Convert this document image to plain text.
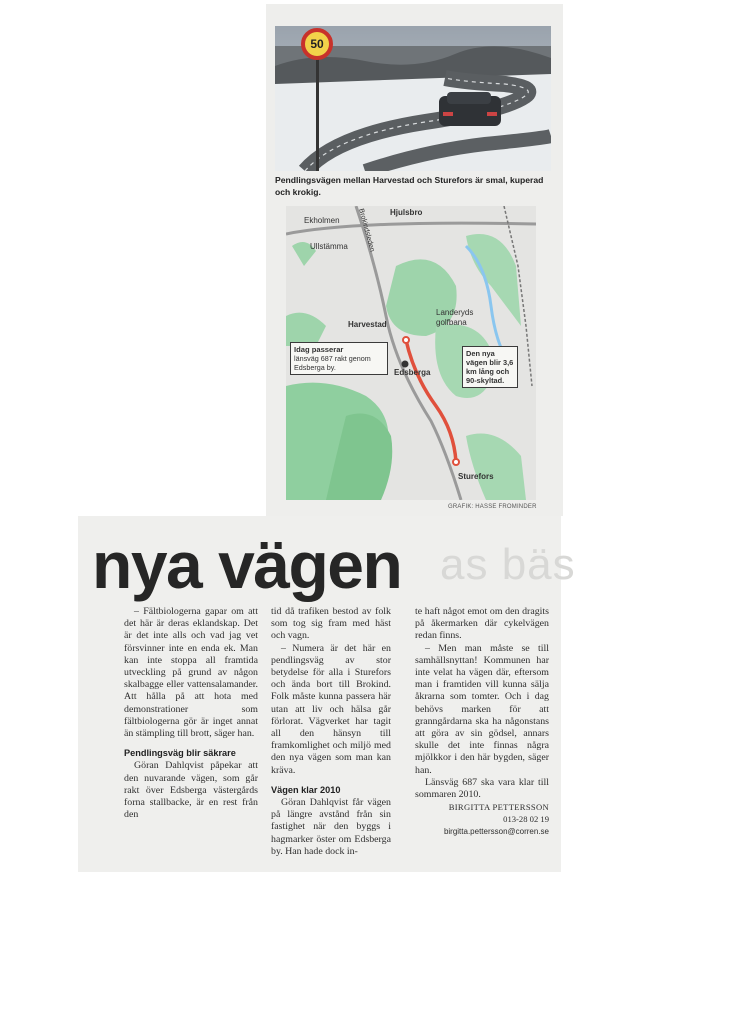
as bäs
50
Pendlingsvägen mellan Harvestad och Sturefors är smal, kuperad och krokig.
Ekholmen
Hjulsbro
Ullstämma Brokindsleden
Harvestad
Landeryds golfbana
Edsberga
Sturefors
Idag passerar
länsväg 687 rakt genom Edsberga by.
Den nya vägen blir 3,6 km lång och 90-skyltad.
GRAFIK: HASSE FROMINDER
nya vägen

– Fältbiologerna gapar om att det här är deras eklandskap. Det är det inte alls och vad jag vet försvinner inte en enda ek. Man kan inte stoppa all framtida utveckling på grund av någon skalbagge eller vattensalamander. Att hålla på att hota med demonstrationer som fältbiologerna gör är inget annat än stämpling till brott, säger han.

Pendlingsväg blir säkrare

Göran Dahlqvist påpekar att den nuvarande vägen, som går rakt över Edsberga västergårds forna stallbacke, är en rest från den

tid då trafiken bestod av folk som tog sig fram med häst och vagn.

– Numera är det här en pendlingsväg av stor betydelse för alla i Sturefors och ända bort till Brokind. Folk måste kunna passera här utan att liv och hälsa går förlorat. Vägverket har tagit all den hänsyn till framkomlighet och miljö med den nya vägen som man kan kräva.

Vägen klar 2010

Göran Dahlqvist får vägen på längre avstånd från sin fastighet när den byggs i hagmarker öster om Edsberga by. Han hade dock in-

te haft något emot om den dragits på åkermarken där cykelvägen redan finns.

– Men man måste se till samhällsnyttan! Kommunen har inte velat ha vägen där, eftersom man i framtiden vill kunna sälja åkrarna som tomter. Och i dag behövs marken för att granngårdarna ska ha någonstans att göra av sin gödsel, annars skulle det inte finnas några mjölkkor i den här bygden, säger han.

Länsväg 687 ska vara klar till sommaren 2010.

BIRGITTA PETTERSSON

013-28 02 19

birgitta.pettersson@corren.se
